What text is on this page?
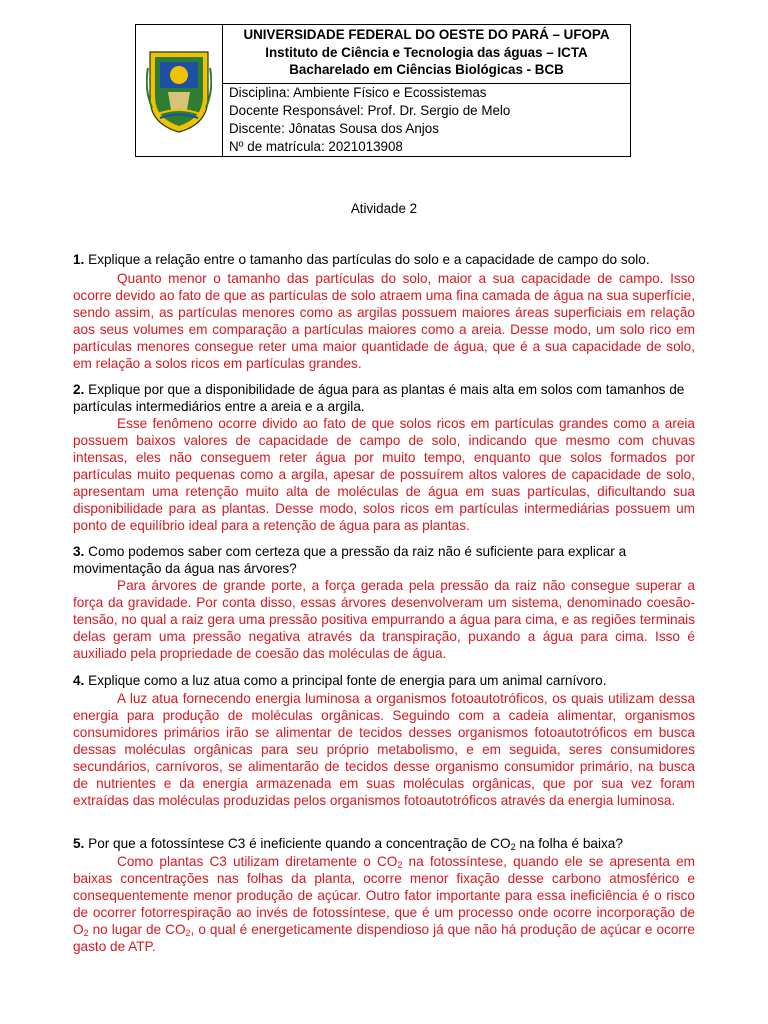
UNIVERSIDADE FEDERAL DO OESTE DO PARÁ – UFOPA
Instituto de Ciência e Tecnologia das águas – ICTA
Bacharelado em Ciências Biológicas - BCB
Disciplina: Ambiente Físico e Ecossistemas
Docente Responsável: Prof. Dr. Sergio de Melo
Discente: Jônatas Sousa dos Anjos
Nº de matrícula: 2021013908
Atividade 2
1. Explique a relação entre o tamanho das partículas do solo e a capacidade de campo do solo.
Quanto menor o tamanho das partículas do solo, maior a sua capacidade de campo. Isso ocorre devido ao fato de que as partículas de solo atraem uma fina camada de água na sua superfície, sendo assim, as partículas menores como as argilas possuem maiores áreas superficiais em relação aos seus volumes em comparação a partículas maiores como a areia. Desse modo, um solo rico em partículas menores consegue reter uma maior quantidade de água, que é a sua capacidade de solo, em relação a solos ricos em partículas grandes.
2. Explique por que a disponibilidade de água para as plantas é mais alta em solos com tamanhos de partículas intermediários entre a areia e a argila.
Esse fenômeno ocorre divido ao fato de que solos ricos em partículas grandes como a areia possuem baixos valores de capacidade de campo de solo, indicando que mesmo com chuvas intensas, eles não conseguem reter água por muito tempo, enquanto que solos formados por partículas muito pequenas como a argila, apesar de possuírem altos valores de capacidade de solo, apresentam uma retenção muito alta de moléculas de água em suas partículas, dificultando sua disponibilidade para as plantas. Desse modo, solos ricos em partículas intermediárias possuem um ponto de equilíbrio ideal para a retenção de água para as plantas.
3. Como podemos saber com certeza que a pressão da raiz não é suficiente para explicar a movimentação da água nas árvores?
Para árvores de grande porte, a força gerada pela pressão da raiz não consegue superar a força da gravidade. Por conta disso, essas árvores desenvolveram um sistema, denominado coesão-tensão, no qual a raiz gera uma pressão positiva empurrando a água para cima, e as regiões terminais delas geram uma pressão negativa através da transpiração, puxando a água para cima. Isso é auxiliado pela propriedade de coesão das moléculas de água.
4. Explique como a luz atua como a principal fonte de energia para um animal carnívoro.
A luz atua fornecendo energia luminosa a organismos fotoautotróficos, os quais utilizam dessa energia para produção de moléculas orgânicas. Seguindo com a cadeia alimentar, organismos consumidores primários irão se alimentar de tecidos desses organismos fotoautotróficos em busca dessas moléculas orgânicas para seu próprio metabolismo, e em seguida, seres consumidores secundários, carnívoros, se alimentarão de tecidos desse organismo consumidor primário, na busca de nutrientes e da energia armazenada em suas moléculas orgânicas, que por sua vez foram extraídas das moléculas produzidas pelos organismos fotoautotróficos através da energia luminosa.
5. Por que a fotossíntese C3 é ineficiente quando a concentração de $CO_2$ na folha é baixa?
Como plantas C3 utilizam diretamente o $CO_2$ na fotossíntese, quando ele se apresenta em baixas concentrações nas folhas da planta, ocorre menor fixação desse carbono atmosférico e consequentemente menor produção de açúcar. Outro fator importante para essa ineficiência é o risco de ocorrer fotorrespiração ao invés de fotossíntese, que é um processo onde ocorre incorporação de $O_2$ no lugar de $CO_2$, o qual é energeticamente dispendioso já que não há produção de açúcar e ocorre gasto de ATP.
